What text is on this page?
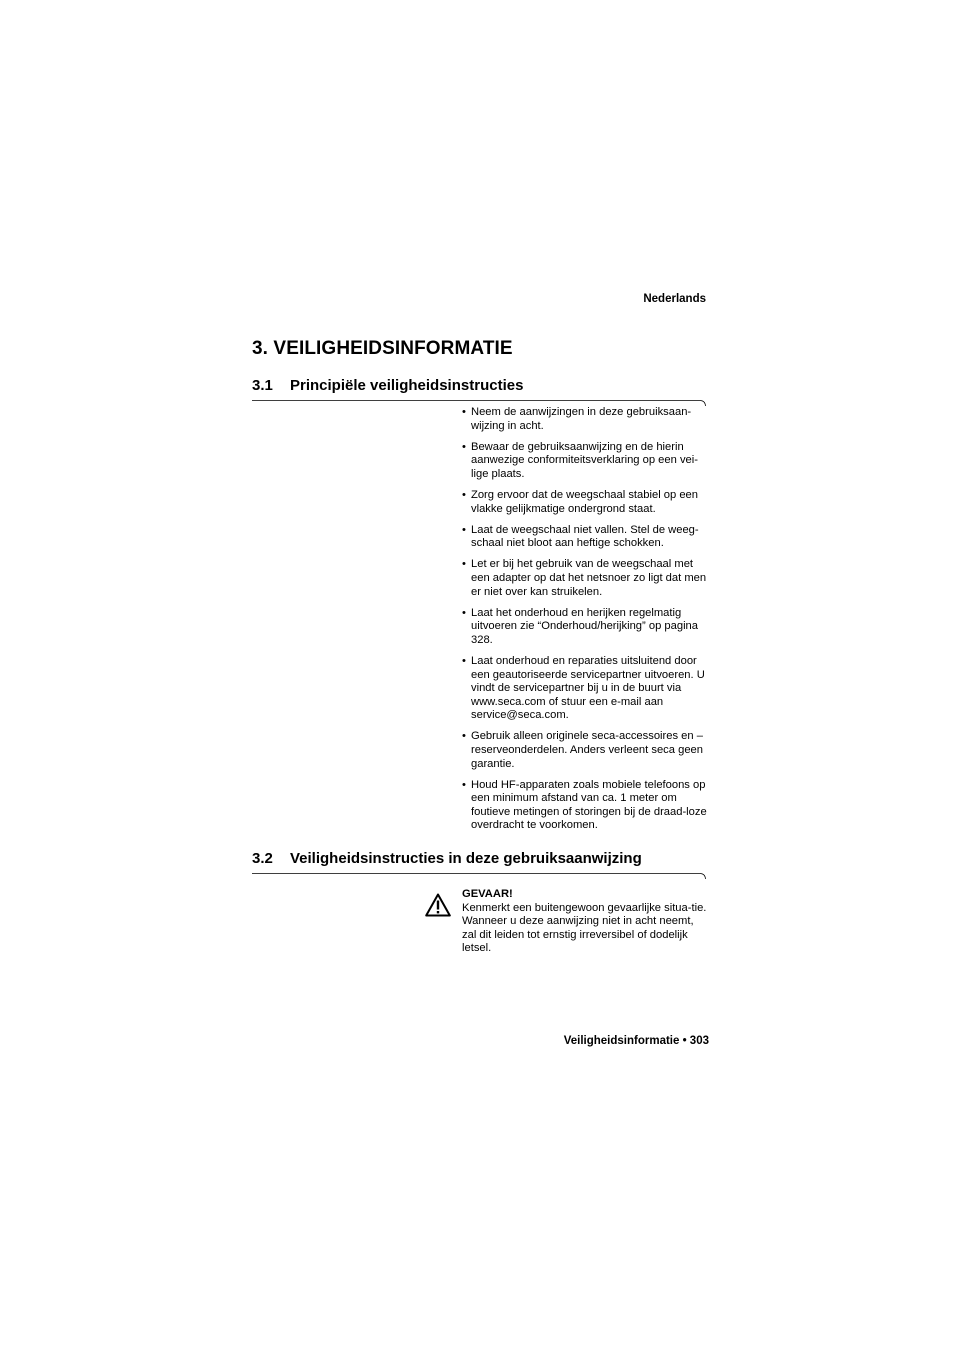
Nederlands
3. VEILIGHEIDSINFORMATIE
3.1 Principiële veiligheidsinstructies
• Neem de aanwijzingen in deze gebruiksaan-wijzing in acht.
• Bewaar de gebruiksaanwijzing en de hierin aanwezige conformiteitsverklaring op een vei-lige plaats.
• Zorg ervoor dat de weegschaal stabiel op een vlakke gelijkmatige ondergrond staat.
• Laat de weegschaal niet vallen. Stel de weeg-schaal niet bloot aan heftige schokken.
• Let er bij het gebruik van de weegschaal met een adapter op dat het netsnoer zo ligt dat men er niet over kan struikelen.
• Laat het onderhoud en herijken regelmatig uitvoeren zie “Onderhoud/herijking” op pagina 328.
• Laat onderhoud en reparaties uitsluitend door een geautoriseerde servicepartner uitvoeren. U vindt de servicepartner bij u in de buurt via www.seca.com of stuur een e-mail aan service@seca.com.
• Gebruik alleen originele seca-accessoires en – reserveonderdelen. Anders verleent seca geen garantie.
• Houd HF-apparaten zoals mobiele telefoons op een minimum afstand van ca. 1 meter om foutieve metingen of storingen bij de draad-loze overdracht te voorkomen.
3.2 Veiligheidsinstructies in deze gebruiksaanwijzing
GEVAAR!
Kenmerkt een buitengewoon gevaarlijke situa-tie. Wanneer u deze aanwijzing niet in acht neemt, zal dit leiden tot ernstig irreversibel of dodelijk letsel.
Veiligheidsinformatie • 303
